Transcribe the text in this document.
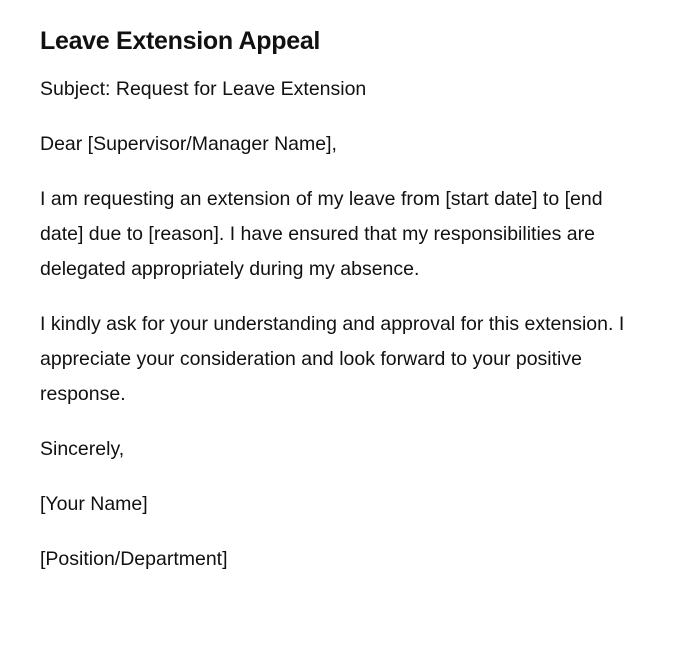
Leave Extension Appeal

Subject: Request for Leave Extension

Dear [Supervisor/Manager Name],

I am requesting an extension of my leave from [start date] to [end date] due to [reason]. I have ensured that my responsibilities are delegated appropriately during my absence.

I kindly ask for your understanding and approval for this extension. I appreciate your consideration and look forward to your positive response.

Sincerely,

[Your Name]

[Position/Department]
